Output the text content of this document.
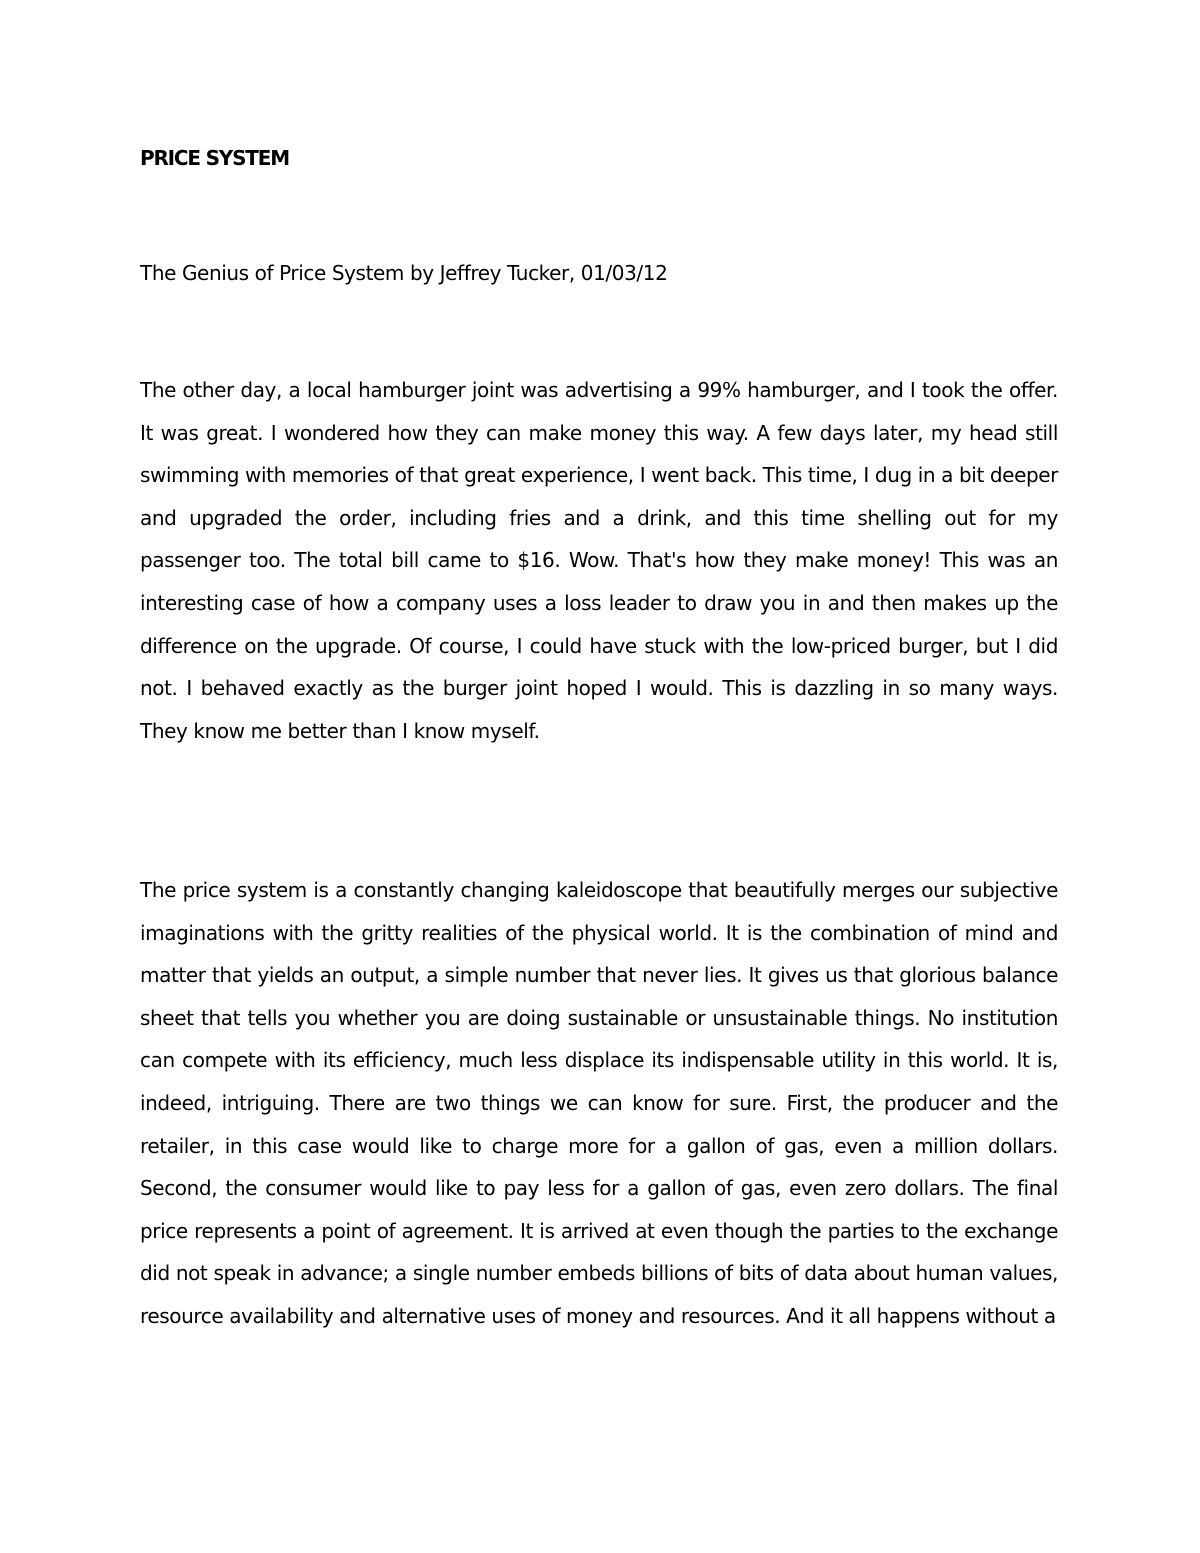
PRICE SYSTEM

The Genius of Price System by Jeffrey Tucker, 01/03/12

The other day, a local hamburger joint was advertising a 99% hamburger, and I took the offer. It was great. I wondered how they can make money this way. A few days later, my head still swimming with memories of that great experience, I went back. This time, I dug in a bit deeper and upgraded the order, including fries and a drink, and this time shelling out for my passenger too. The total bill came to $16. Wow. That's how they make money! This was an interesting case of how a company uses a loss leader to draw you in and then makes up the difference on the upgrade. Of course, I could have stuck with the low-priced burger, but I did not. I behaved exactly as the burger joint hoped I would. This is dazzling in so many ways. They know me better than I know myself.

The price system is a constantly changing kaleidoscope that beautifully merges our subjective imaginations with the gritty realities of the physical world. It is the combination of mind and matter that yields an output, a simple number that never lies. It gives us that glorious balance sheet that tells you whether you are doing sustainable or unsustainable things. No institution can compete with its efficiency, much less displace its indispensable utility in this world. It is, indeed, intriguing. There are two things we can know for sure. First, the producer and the retailer, in this case would like to charge more for a gallon of gas, even a million dollars. Second, the consumer would like to pay less for a gallon of gas, even zero dollars. The final price represents a point of agreement. It is arrived at even though the parties to the exchange did not speak in advance; a single number embeds billions of bits of data about human values, resource availability and alternative uses of money and resources. And it all happens without a
